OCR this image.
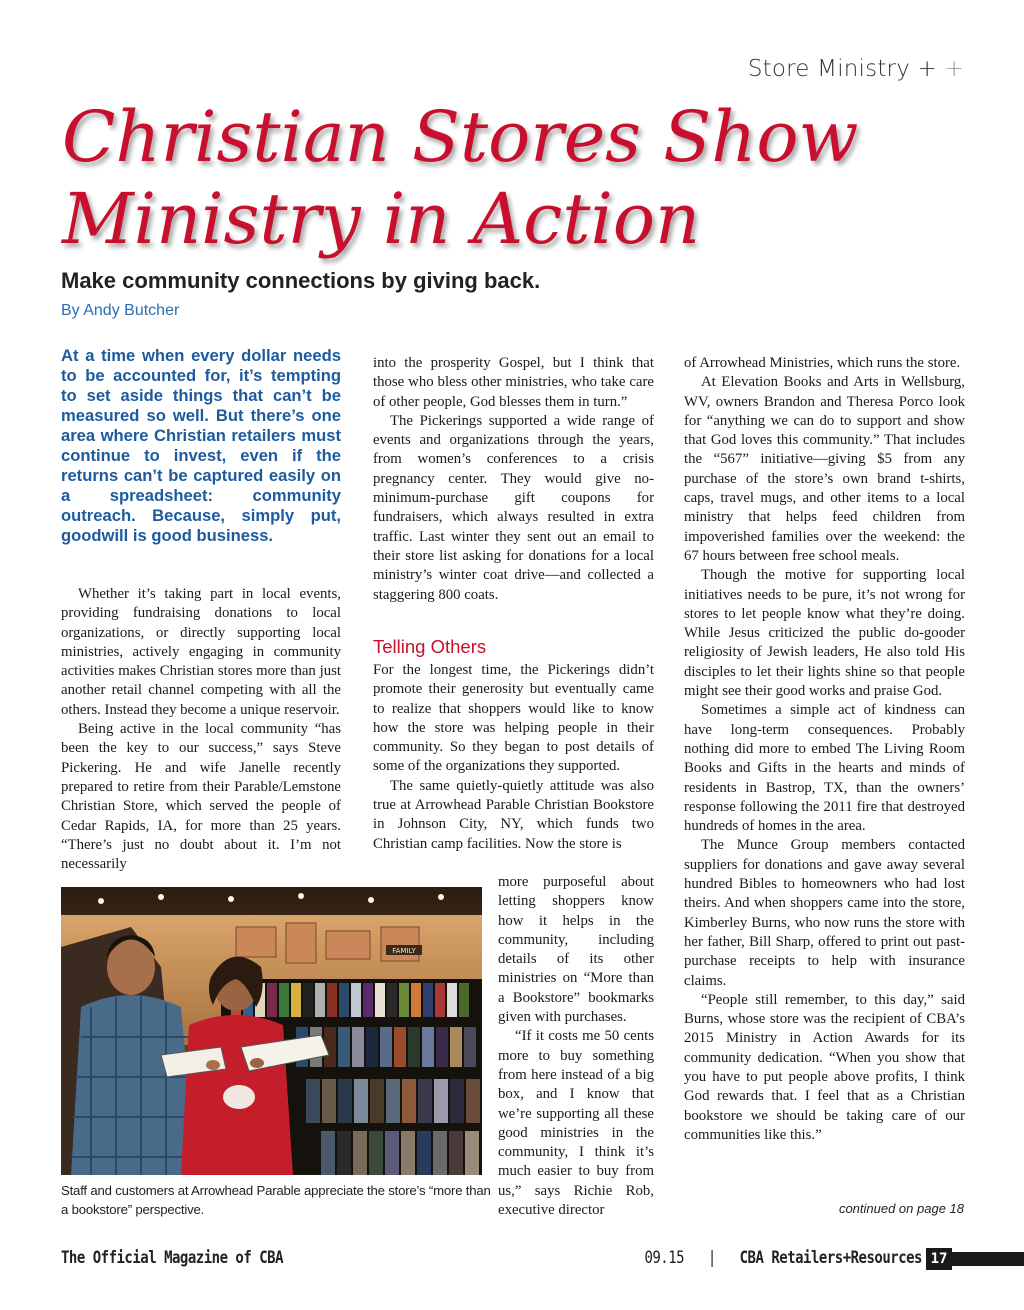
Store Ministry + +
Christian Stores Show
Ministry in Action
Make community connections by giving back.
By Andy Butcher
At a time when every dollar needs to be accounted for, it’s tempting to set aside things that can’t be measured so well. But there’s one area where Christian retailers must continue to invest, even if the returns can’t be captured easily on a spreadsheet: community outreach. Because, simply put, goodwill is good business.

Whether it’s taking part in local events, providing fundraising donations to local organizations, or directly supporting local ministries, actively engaging in community activities makes Christian stores more than just another retail channel competing with all the others. Instead they become a unique reservoir.

Being active in the local community “has been the key to our success,” says Steve Pickering. He and wife Janelle recently prepared to retire from their Parable/Lemstone Christian Store, which served the people of Cedar Rapids, IA, for more than 25 years. “There’s just no doubt about it. I’m not necessarily

into the prosperity Gospel, but I think that those who bless other ministries, who take care of other people, God blesses them in turn.”

The Pickerings supported a wide range of events and organizations through the years, from women’s conferences to a crisis pregnancy center. They would give no-minimum-purchase gift coupons for fundraisers, which always resulted in extra traffic. Last winter they sent out an email to their store list asking for donations for a local ministry’s winter coat drive—and collected a staggering 800 coats.

Telling Others

For the longest time, the Pickerings didn’t promote their generosity but eventually came to realize that shoppers would like to know how the store was helping people in their community. So they began to post details of some of the organizations they supported.

The same quietly-quietly attitude was also true at Arrowhead Parable Christian Bookstore in Johnson City, NY, which funds two Christian camp facilities. Now the store is

more purposeful about letting shoppers know how it helps in the community, including details of its other ministries on “More than a Bookstore” bookmarks given with purchases.

“If it costs me 50 cents more to buy something from here instead of a big box, and I know that we’re supporting all these good ministries in the community, I think it’s much easier to buy from us,” says Richie Rob, executive director

of Arrowhead Ministries, which runs the store.

At Elevation Books and Arts in Wellsburg, WV, owners Brandon and Theresa Porco look for “anything we can do to support and show that God loves this community.” That includes the “567” initiative—giving $5 from any purchase of the store’s own brand t-shirts, caps, travel mugs, and other items to a local ministry that helps feed children from impoverished families over the weekend: the 67 hours between free school meals.

Though the motive for supporting local initiatives needs to be pure, it’s not wrong for stores to let people know what they’re doing. While Jesus criticized the public do-gooder religiosity of Jewish leaders, He also told His disciples to let their lights shine so that people might see their good works and praise God.

Sometimes a simple act of kindness can have long-term consequences. Probably nothing did more to embed The Living Room Books and Gifts in the hearts and minds of residents in Bastrop, TX, than the owners’ response following the 2011 fire that destroyed hundreds of homes in the area.

The Munce Group members contacted suppliers for donations and gave away several hundred Bibles to homeowners who had lost theirs. And when shoppers came into the store, Kimberley Burns, who now runs the store with her father, Bill Sharp, offered to print out past-purchase receipts to help with insurance claims.

“People still remember, to this day,” said Burns, whose store was the recipient of CBA’s 2015 Ministry in Action Awards for its community dedication. “When you show that you have to put people above profits, I think God rewards that. I feel that as a Christian bookstore we should be taking care of our communities like this.”

FAMILY
Staff and customers at Arrowhead Parable appreciate the store’s “more than a bookstore” perspective.	continued on page 18
The Official Magazine of CBA	09.15 | CBA Retailers+Resources 17
